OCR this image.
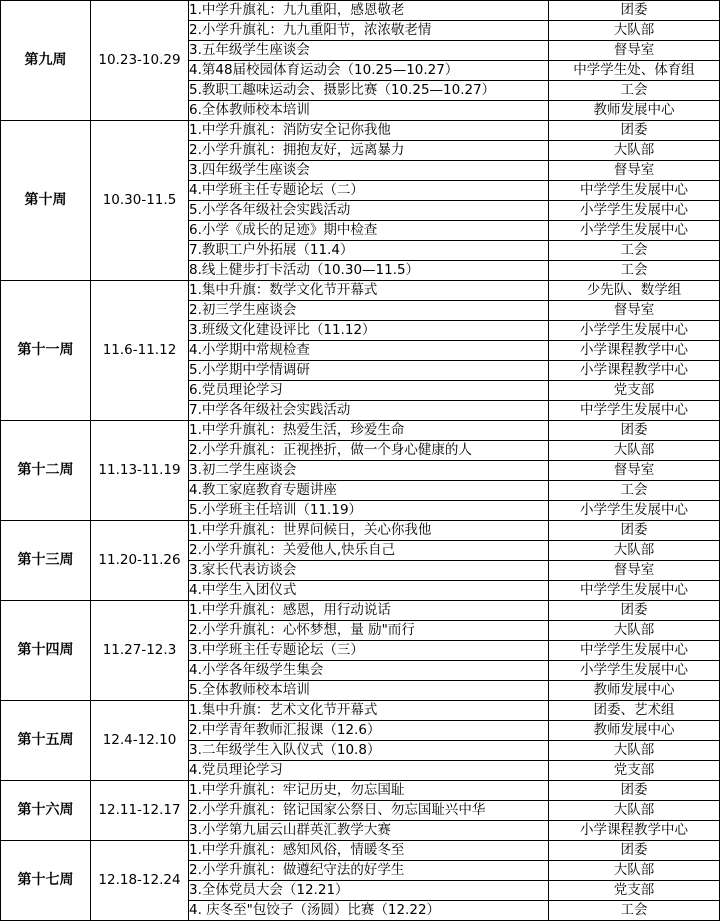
第九周	10.23-10.29	1.中学升旗礼：九九重阳，感恩敬老	团委
		2.小学升旗礼：九九重阳节，浓浓敬老情	大队部
		3.五年级学生座谈会	督导室
		4.第48届校园体育运动会（10.25—10.27）	中学学生处、体育组
		5.教职工趣味运动会、摄影比赛（10.25—10.27）	工会
		6.全体教师校本培训	教师发展中心
第十周	10.30-11.5	1.中学升旗礼：消防安全记你我他	团委
		2.小学升旗礼：拥抱友好，远离暴力	大队部
		3.四年级学生座谈会	督导室
		4.中学班主任专题论坛（二）	中学学生发展中心
		5.小学各年级社会实践活动	小学学生发展中心
		6.小学《成长的足迹》期中检查	小学学生发展中心
		7.教职工户外拓展（11.4）	工会
		8.线上健步打卡活动（10.30—11.5）	工会
第十一周	11.6-11.12	1.集中升旗：数学文化节开幕式	少先队、数学组
		2.初三学生座谈会	督导室
		3.班级文化建设评比（11.12）	小学学生发展中心
		4.小学期中常规检查	小学课程教学中心
		5.小学期中学情调研	小学课程教学中心
		6.党员理论学习	党支部
		7.中学各年级社会实践活动	中学学生发展中心
第十二周	11.13-11.19	1.中学升旗礼：热爱生活，珍爱生命	团委
		2.小学升旗礼：正视挫折，做一个身心健康的人	大队部
		3.初二学生座谈会	督导室
		4.教工家庭教育专题讲座	工会
		5.小学班主任培训（11.19）	小学学生发展中心
第十三周	11.20-11.26	1.中学升旗礼：世界问候日，关心你我他	团委
		2.小学升旗礼：关爱他人,快乐自己	大队部
		3.家长代表访谈会	督导室
		4.中学生入团仪式	中学学生发展中心
第十四周	11.27-12.3	1.中学升旗礼：感恩，用行动说话	团委
		2.小学升旗礼：心怀梦想，量 励"而行	大队部
		3.中学班主任专题论坛（三）	中学学生发展中心
		4.小学各年级学生集会	小学学生发展中心
		5.全体教师校本培训	教师发展中心
第十五周	12.4-12.10	1.集中升旗：艺术文化节开幕式	团委、艺术组
		2.中学青年教师汇报课（12.6）	教师发展中心
		3.二年级学生入队仪式（10.8）	大队部
		4.党员理论学习	党支部
第十六周	12.11-12.17	1.中学升旗礼：牢记历史，勿忘国耻	团委
		2.小学升旗礼：铭记国家公祭日、勿忘国耻兴中华	大队部
		3.小学第九届云山群英汇教学大赛	小学课程教学中心
第十七周	12.18-12.24	1.中学升旗礼：感知风俗，情暖冬至	团委
		2.小学升旗礼：做遵纪守法的好学生	大队部
		3.全体党员大会（12.21）	党支部
		4. 庆冬至"包饺子（汤圆）比赛（12.22）	工会
